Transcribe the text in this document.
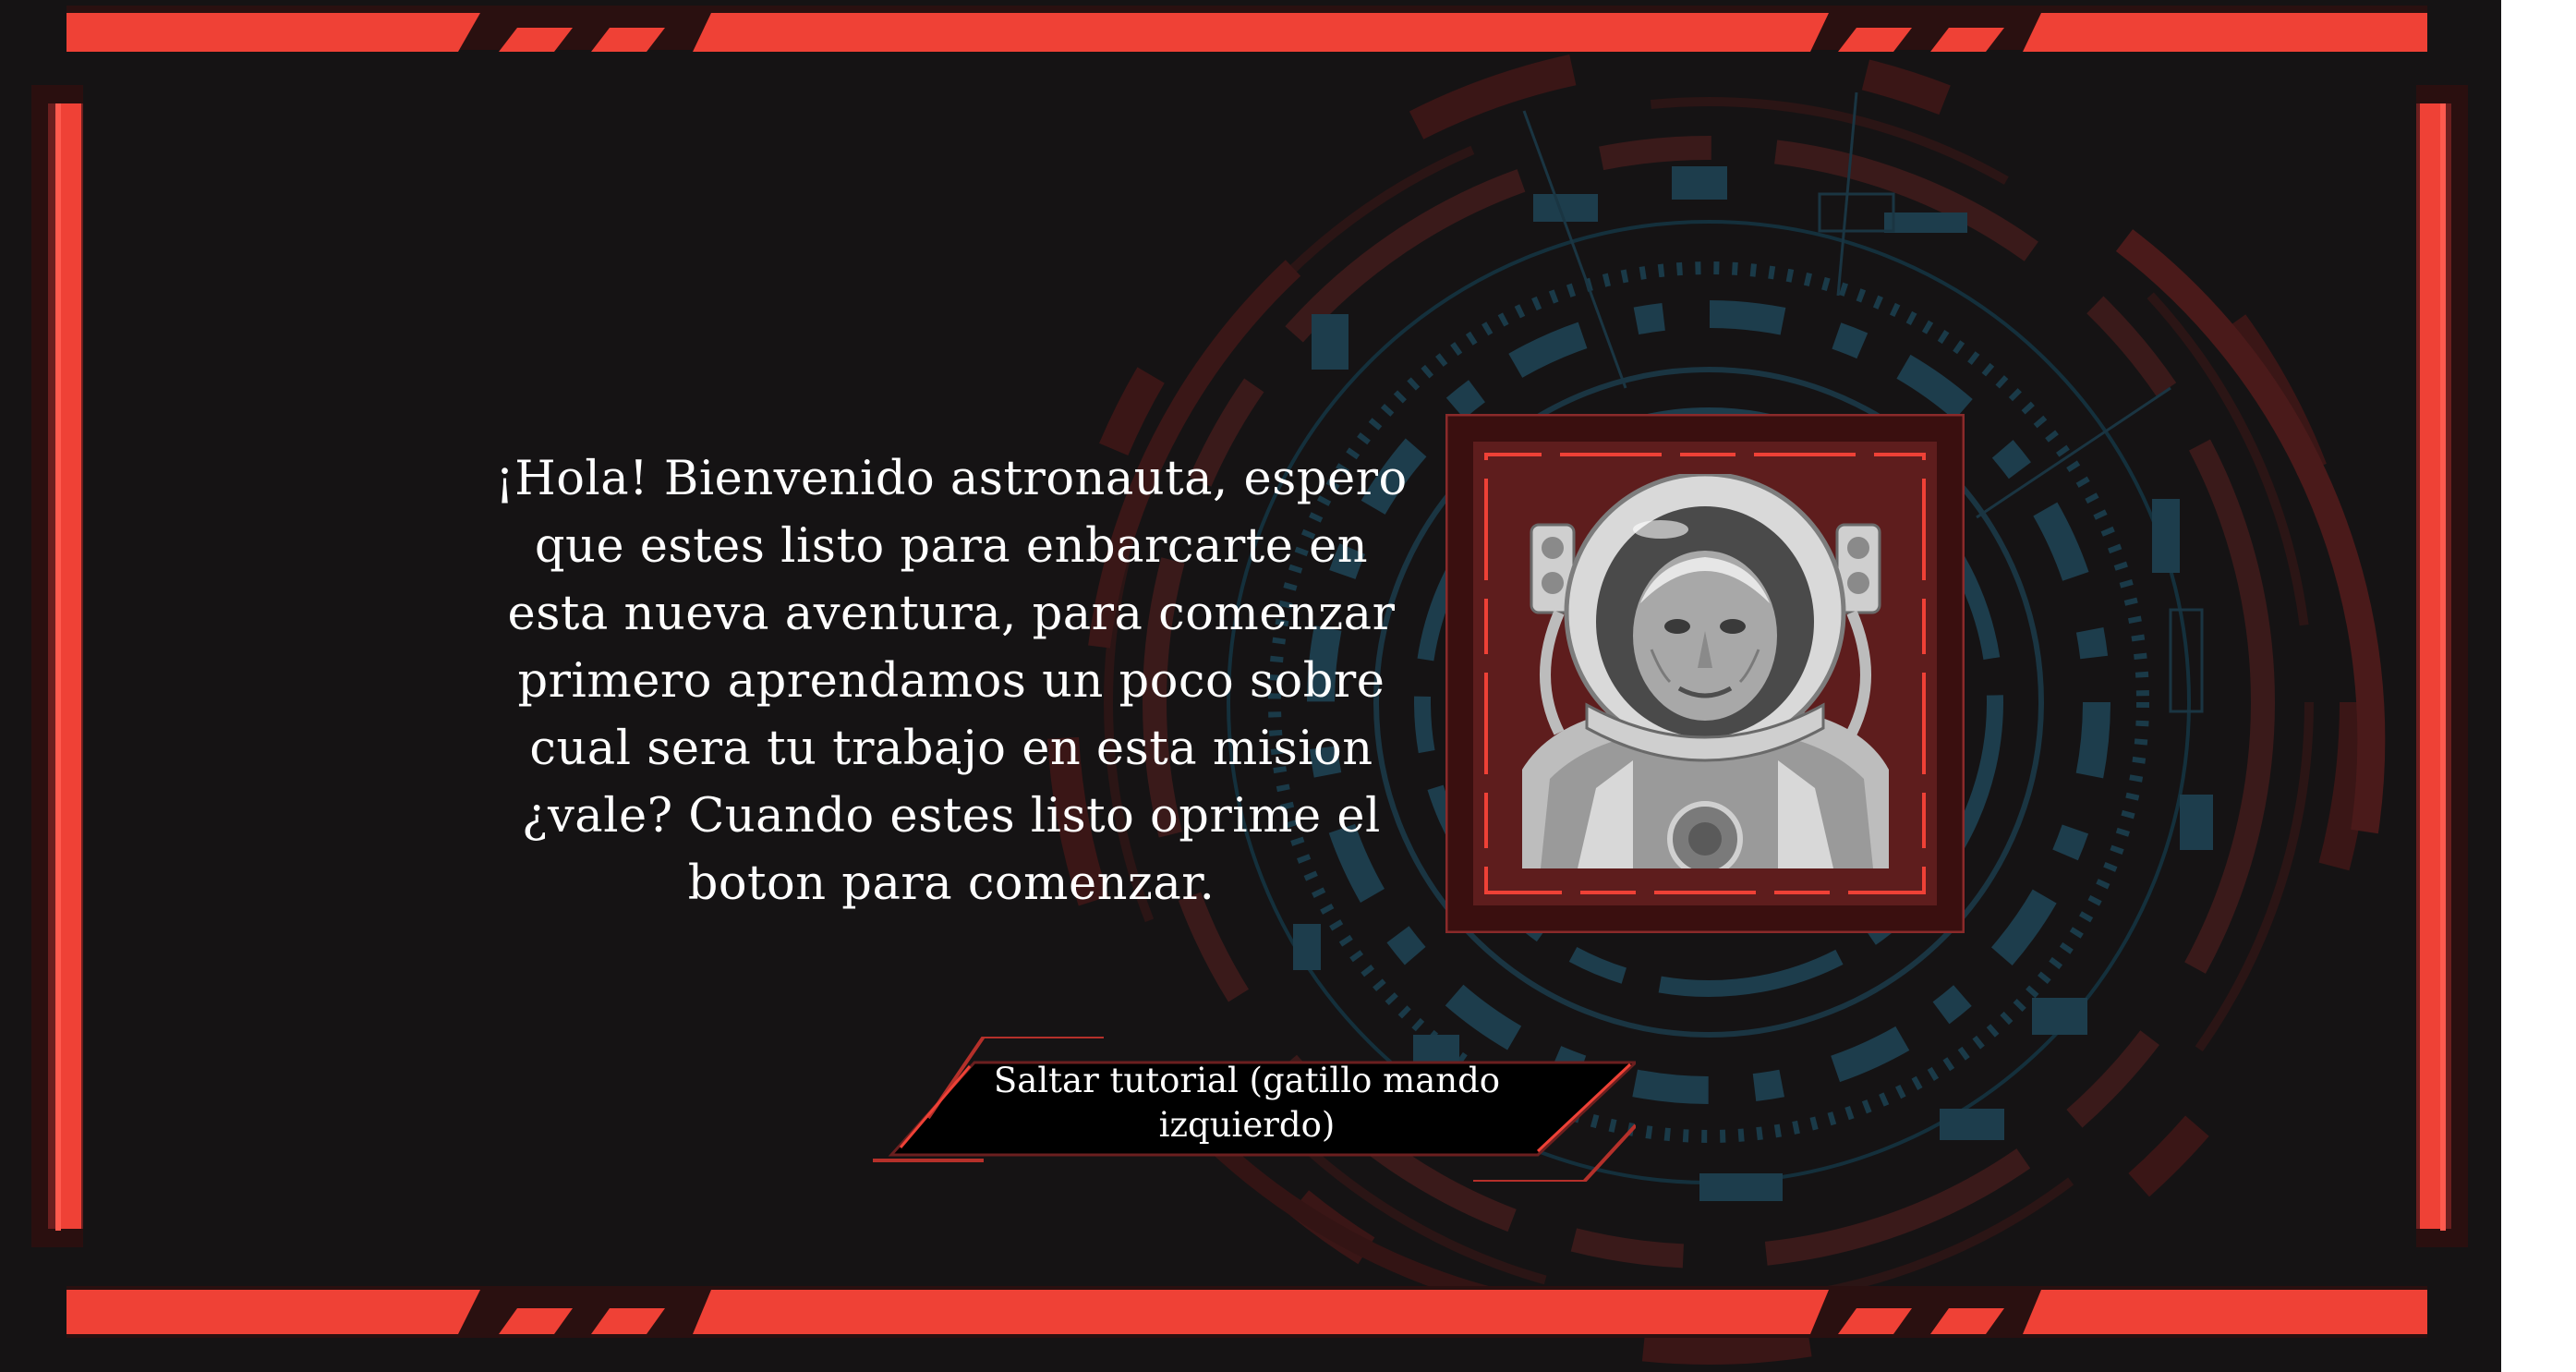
¡Hola! Bienvenido astronauta, espero que estes listo para enbarcarte en esta nueva aventura, para comenzar primero aprendamos un poco sobre cual sera tu trabajo en esta mision ¿vale? Cuando estes listo oprime el boton para comenzar.

Saltar tutorial (gatillo mando izquierdo)
